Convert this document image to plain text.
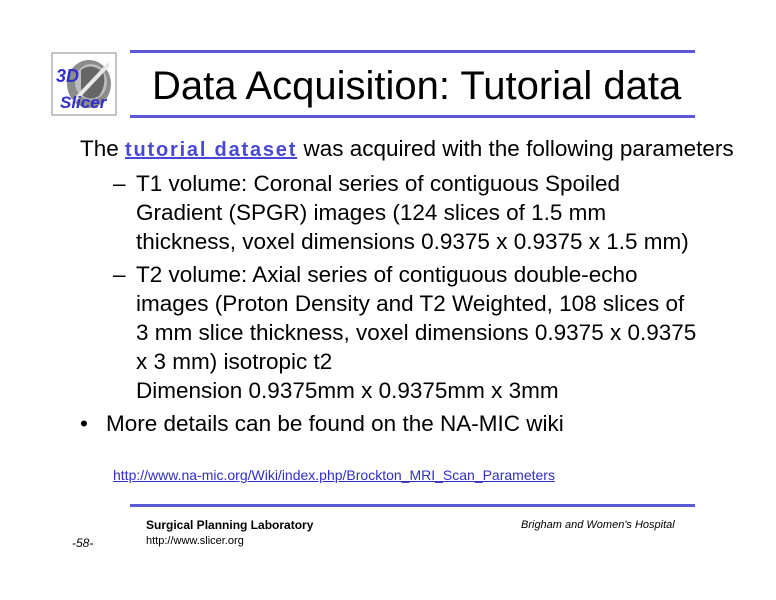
3D
Slicer Data Acquisition: Tutorial data
The tutorial dataset was acquired with the following parameters
– T1 volume: Coronal series of contiguous Spoiled
Gradient (SPGR) images (124 slices of 1.5 mm
thickness, voxel dimensions 0.9375 x 0.9375 x 1.5 mm)
– T2 volume: Axial series of contiguous double-echo
images (Proton Density and T2 Weighted, 108 slices of
3 mm slice thickness, voxel dimensions 0.9375 x 0.9375
x 3 mm) isotropic t2
Dimension 0.9375mm x 0.9375mm x 3mm
• More details can be found on the NA-MIC wiki
http://www.na-mic.org/Wiki/index.php/Brockton_MRI_Scan_Parameters
-58-
Surgical Planning Laboratory
http://www.slicer.org
Brigham and Women's Hospital
